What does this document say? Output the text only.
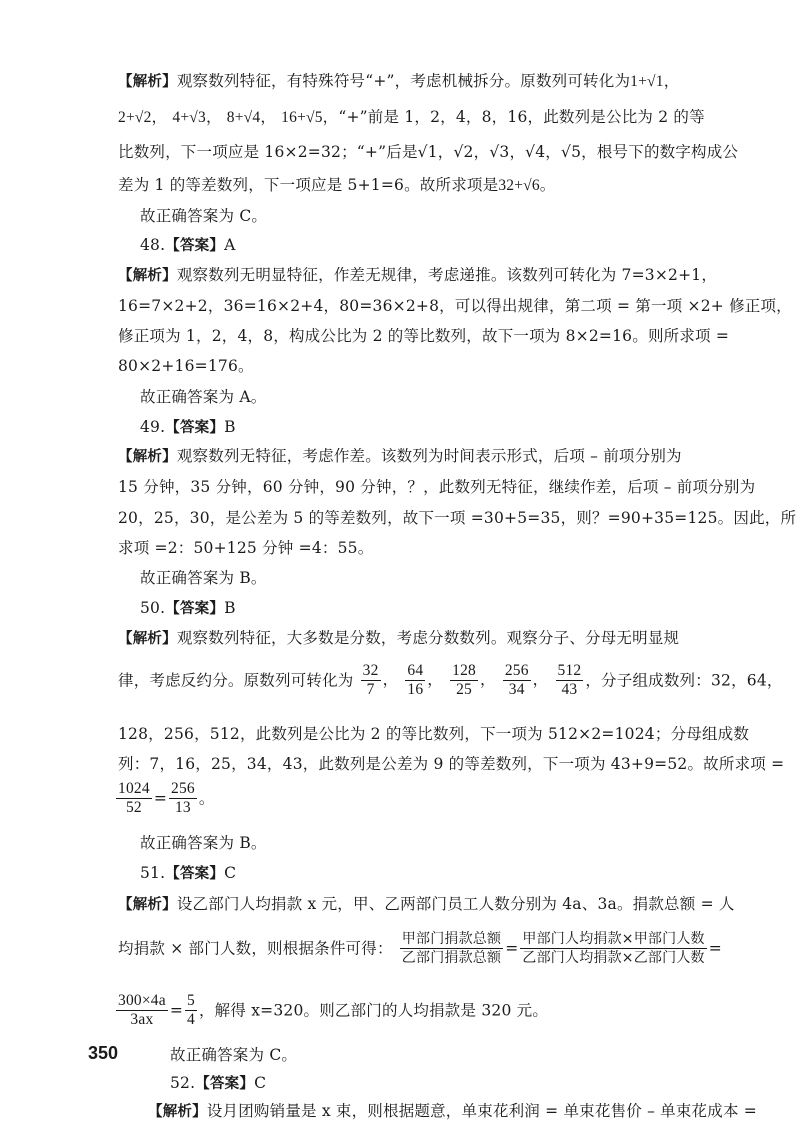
【解析】观察数列特征，有特殊符号“+”，考虑机械拆分。原数列可转化为1+√1，
2+√2， 4+√3， 8+√4， 16+√5，“+”前是 1，2，4，8，16，此数列是公比为 2 的等
比数列，下一项应是 16×2=32；“+”后是√1，√2，√3，√4，√5，根号下的数字构成公
差为 1 的等差数列，下一项应是 5+1=6。故所求项是32+√6。
故正确答案为 C。
48.【答案】A
【解析】观察数列无明显特征，作差无规律，考虑递推。该数列可转化为 7=3×2+1，
16=7×2+2，36=16×2+4，80=36×2+8，可以得出规律，第二项 = 第一项 ×2+ 修正项，
修正项为 1，2，4，8，构成公比为 2 的等比数列，故下一项为 8×2=16。则所求项 =
80×2+16=176。
故正确答案为 A。
49.【答案】B
【解析】观察数列无特征，考虑作差。该数列为时间表示形式，后项 – 前项分别为
15 分钟，35 分钟，60 分钟，90 分钟，？，此数列无特征，继续作差，后项 – 前项分别为
20，25，30，是公差为 5 的等差数列，故下一项 =30+5=35，则？=90+35=125。因此，所
求项 =2：50+125 分钟 =4：55。
故正确答案为 B。
50.【答案】B
【解析】观察数列特征，大多数是分数，考虑分数数列。观察分子、分母无明显规
律，考虑反约分。原数列可转化为 $\frac{32}{7}$ ， $\frac{64}{16}$ ， $\frac{128}{25}$ ， $\frac{256}{34}$ ， $\frac{512}{43}$ ，分子组成数列：32，64，
128，256，512，此数列是公比为 2 的等比数列，下一项为 512×2=1024；分母组成数
列：7，16，25，34，43，此数列是公差为 9 的等差数列，下一项为 43+9=52。故所求项 =
$\frac{1024}{52} = \frac{256}{13}$ 。
故正确答案为 B。
51.【答案】C
【解析】设乙部门人均捐款 x 元，甲、乙两部门员工人数分别为 4a、3a。捐款总额 = 人
均捐款 × 部门人数，则根据条件可得： $\frac{\text{甲部门捐款总额}}{\text{乙部门捐款总额}} = \frac{\text{甲部门人均捐款×甲部门人数}}{\text{乙部门人均捐款×乙部门人数}}$ =
$\frac{300\times 4a}{3ax} = \frac{5}{4}$ ，解得 x=320。则乙部门的人均捐款是 320 元。
故正确答案为 C。
350
52.【答案】C
【解析】设月团购销量是 x 束，则根据题意，单束花利润 = 单束花售价 – 单束花成本 =
